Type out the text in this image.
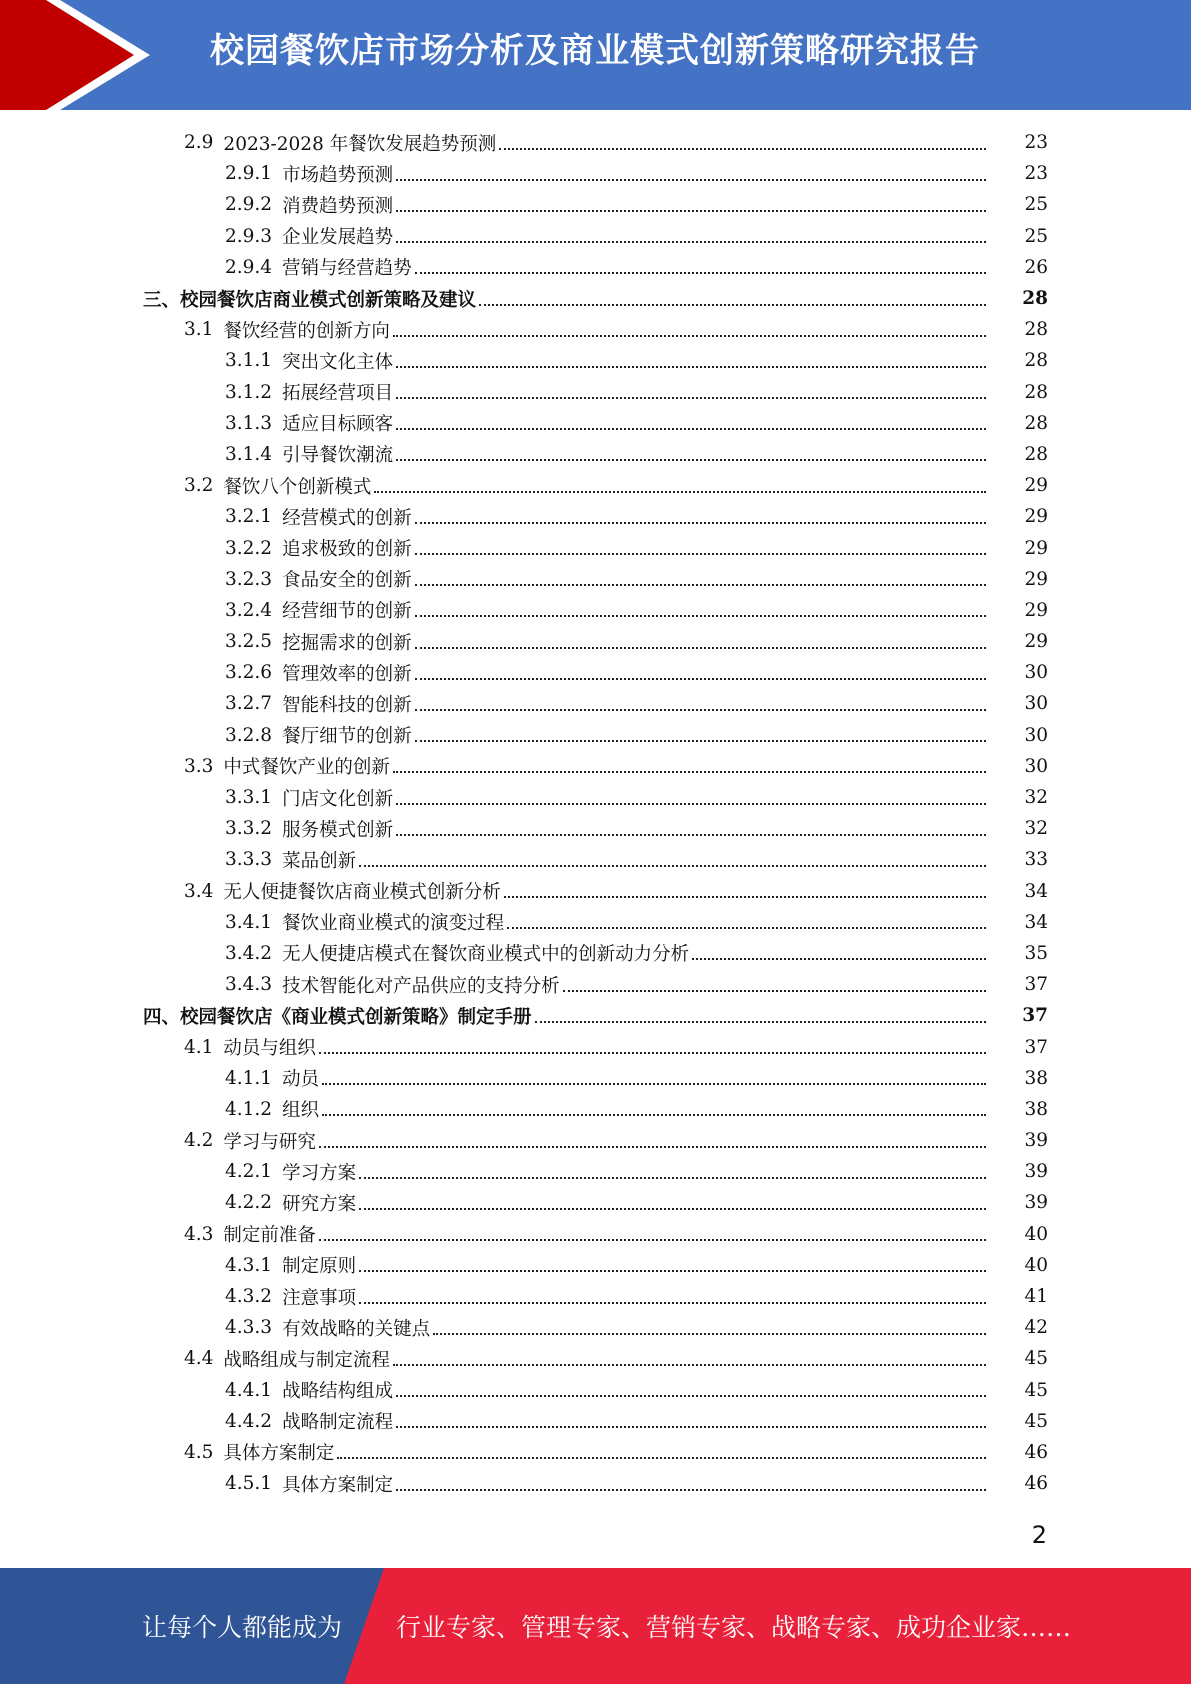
校园餐饮店市场分析及商业模式创新策略研究报告
2.9 2023-2028 年餐饮发展趋势预测	23
2.9.1 市场趋势预测	23
2.9.2 消费趋势预测	25
2.9.3 企业发展趋势	25
2.9.4 营销与经营趋势	26
三、校园餐饮店商业模式创新策略及建议	28
3.1 餐饮经营的创新方向	28
3.1.1 突出文化主体	28
3.1.2 拓展经营项目	28
3.1.3 适应目标顾客	28
3.1.4 引导餐饮潮流	28
3.2 餐饮八个创新模式	29
3.2.1 经营模式的创新	29
3.2.2 追求极致的创新	29
3.2.3 食品安全的创新	29
3.2.4 经营细节的创新	29
3.2.5 挖掘需求的创新	29
3.2.6 管理效率的创新	30
3.2.7 智能科技的创新	30
3.2.8 餐厅细节的创新	30
3.3 中式餐饮产业的创新	30
3.3.1 门店文化创新	32
3.3.2 服务模式创新	32
3.3.3 菜品创新	33
3.4 无人便捷餐饮店商业模式创新分析	34
3.4.1 餐饮业商业模式的演变过程	34
3.4.2 无人便捷店模式在餐饮商业模式中的创新动力分析	35
3.4.3 技术智能化对产品供应的支持分析	37
四、校园餐饮店《商业模式创新策略》制定手册	37
4.1 动员与组织	37
4.1.1 动员	38
4.1.2 组织	38
4.2 学习与研究	39
4.2.1 学习方案	39
4.2.2 研究方案	39
4.3 制定前准备	40
4.3.1 制定原则	40
4.3.2 注意事项	41
4.3.3 有效战略的关键点	42
4.4 战略组成与制定流程	45
4.4.1 战略结构组成	45
4.4.2 战略制定流程	45
4.5 具体方案制定	46
4.5.1 具体方案制定	46
2
让每个人都能成为 行业专家、管理专家、营销专家、战略专家、成功企业家……
